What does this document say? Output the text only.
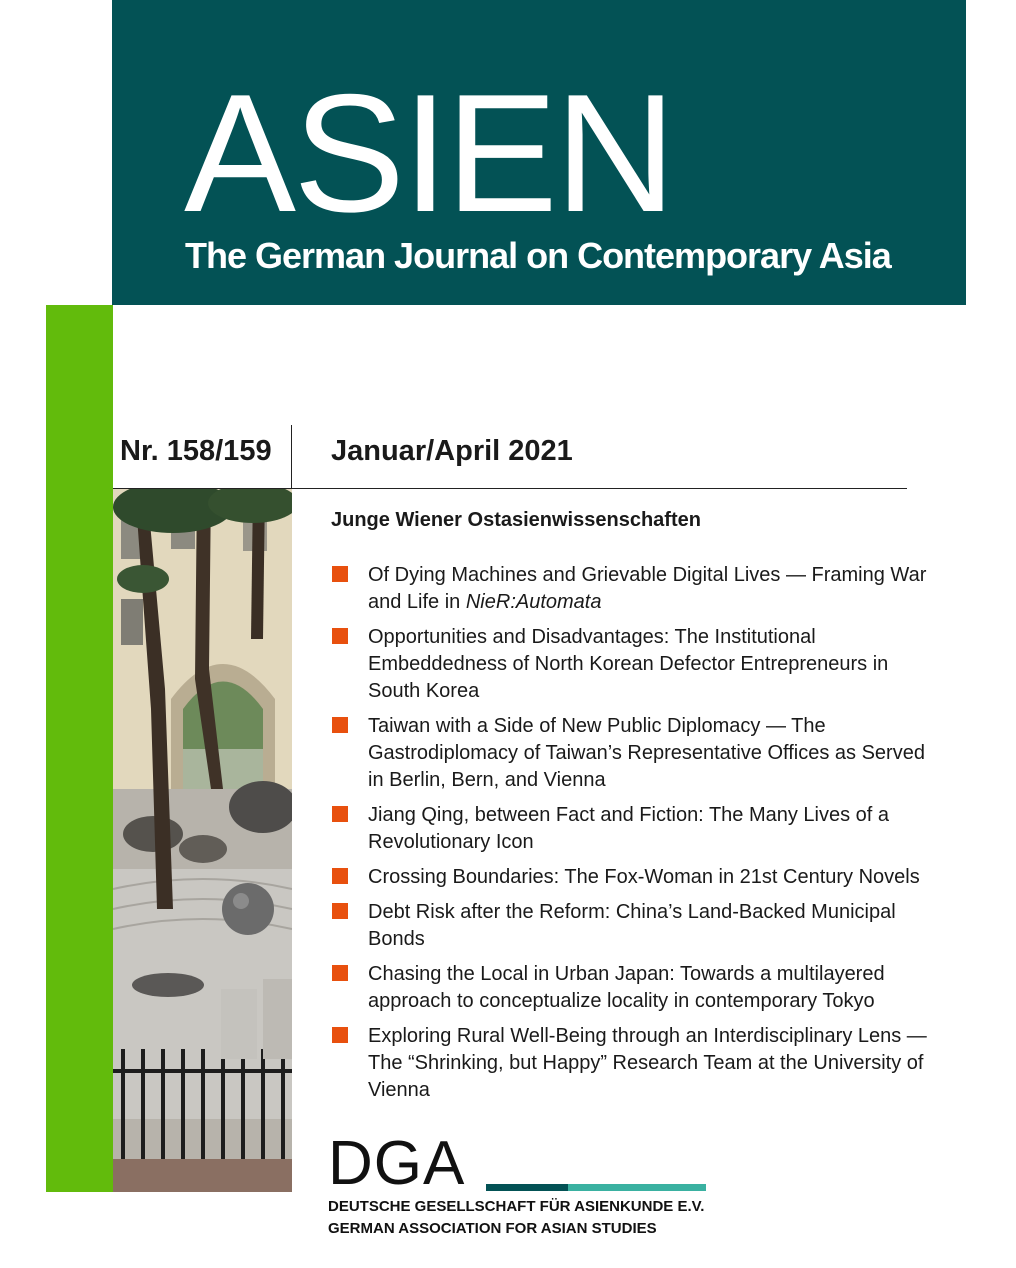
ASIEN
The German Journal on Contemporary Asia
Nr. 158/159 Januar/April 2021
Junge Wiener Ostasienwissenschaften
Of Dying Machines and Grievable Digital Lives — Framing War and Life in NieR:Automata
Opportunities and Disadvantages: The Institutional Embeddedness of North Korean Defector Entrepreneurs in South Korea
Taiwan with a Side of New Public Diplomacy — The Gastrodiplomacy of Taiwan’s Representative Offices as Served in Berlin, Bern, and Vienna
Jiang Qing, between Fact and Fiction: The Many Lives of a Revolutionary Icon
Crossing Boundaries: The Fox-Woman in 21st Century Novels
Debt Risk after the Reform: China’s Land-Backed Municipal Bonds
Chasing the Local in Urban Japan: Towards a multilayered approach to conceptualize locality in contemporary Tokyo
Exploring Rural Well-Being through an Interdisciplinary Lens — The “Shrinking, but Happy” Research Team at the University of Vienna
DGA
DEUTSCHE GESELLSCHAFT FÜR ASIENKUNDE E.V.
GERMAN ASSOCIATION FOR ASIAN STUDIES
